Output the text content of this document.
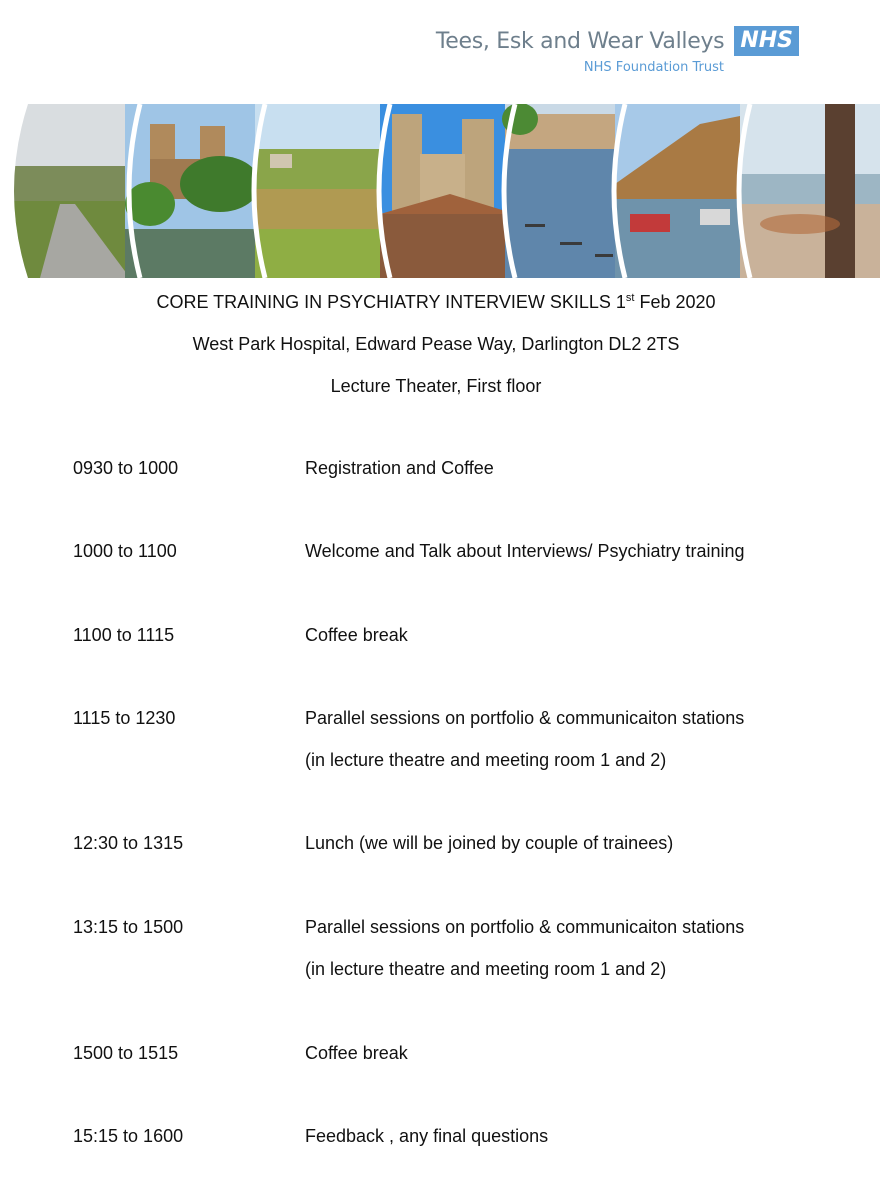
Tees, Esk and Wear Valleys NHS
NHS Foundation Trust
CORE TRAINING IN PSYCHIATRY INTERVIEW SKILLS 1st Feb 2020
West Park Hospital, Edward Pease Way, Darlington DL2 2TS
Lecture Theater, First floor
0930 to 1000	Registration and Coffee
1000 to 1100	Welcome and Talk about Interviews/ Psychiatry training
1100 to 1115	Coffee break
1115 to 1230	Parallel sessions on portfolio & communicaiton stations
(in lecture theatre and meeting room 1 and 2)
12:30 to 1315	Lunch (we will be joined by couple of trainees)
13:15 to 1500	Parallel sessions on portfolio & communicaiton stations
(in lecture theatre and meeting room 1 and 2)
1500 to 1515	Coffee break
15:15 to 1600	Feedback , any final questions
